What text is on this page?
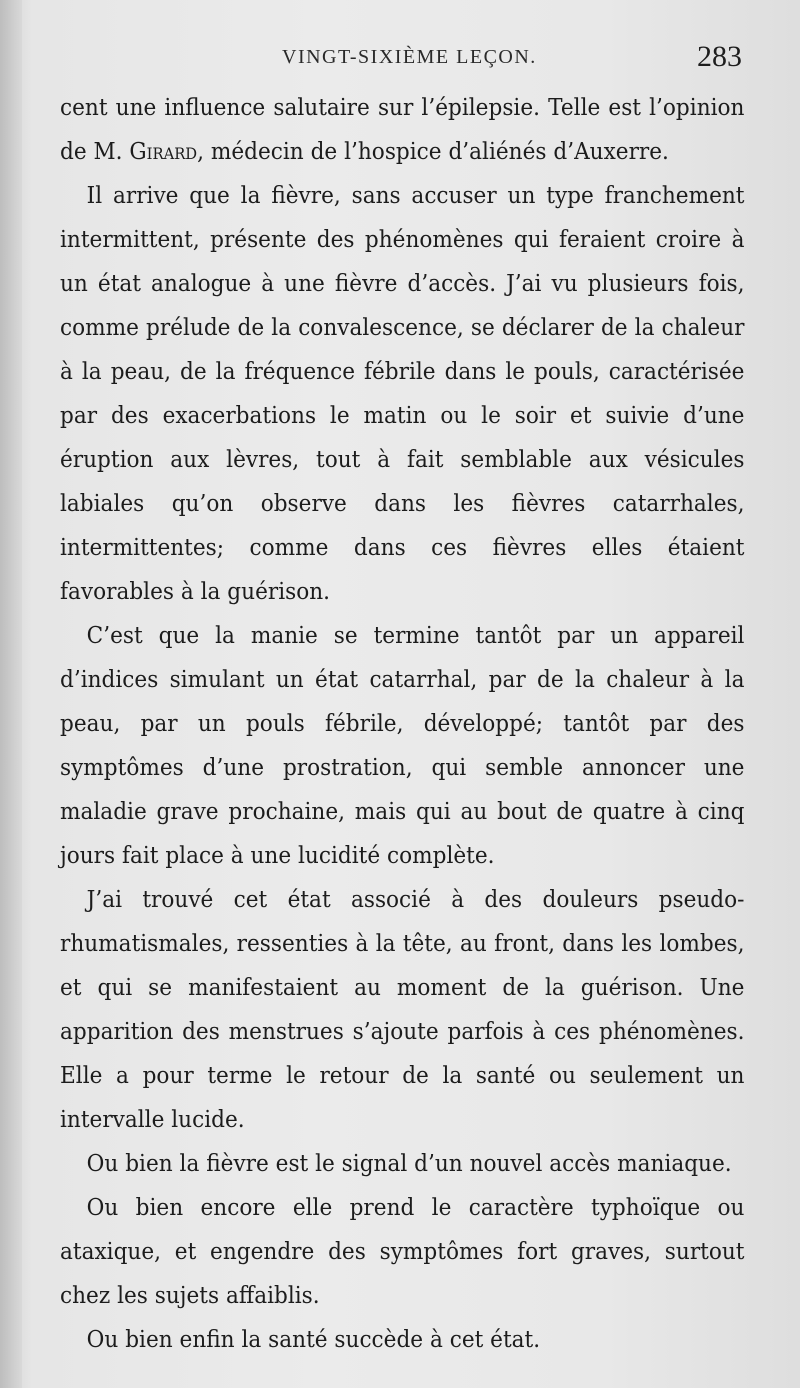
VINGT-SIXIÈME LEÇON.	283

cent une influence salutaire sur l’épilepsie. Telle est l’opinion de M. Girard, médecin de l’hospice d’aliénés d’Auxerre.

Il arrive que la fièvre, sans accuser un type franchement intermittent, présente des phénomènes qui feraient croire à un état analogue à une fièvre d’accès. J’ai vu plusieurs fois, comme prélude de la convalescence, se déclarer de la chaleur à la peau, de la fréquence fébrile dans le pouls, caractérisée par des exacerbations le matin ou le soir et suivie d’une éruption aux lèvres, tout à fait semblable aux vésicules labiales qu’on observe dans les fièvres catarrhales, intermittentes; comme dans ces fièvres elles étaient favorables à la guérison.

C’est que la manie se termine tantôt par un appareil d’indices simulant un état catarrhal, par de la chaleur à la peau, par un pouls fébrile, développé; tantôt par des symptômes d’une prostration, qui semble annoncer une maladie grave prochaine, mais qui au bout de quatre à cinq jours fait place à une lucidité complète.

J’ai trouvé cet état associé à des douleurs pseudo-rhumatismales, ressenties à la tête, au front, dans les lombes, et qui se manifestaient au moment de la guérison. Une apparition des menstrues s’ajoute parfois à ces phénomènes. Elle a pour terme le retour de la santé ou seulement un intervalle lucide.

Ou bien la fièvre est le signal d’un nouvel accès maniaque.

Ou bien encore elle prend le caractère typhoïque ou ataxique, et engendre des symptômes fort graves, surtout chez les sujets affaiblis.

Ou bien enfin la santé succède à cet état.
